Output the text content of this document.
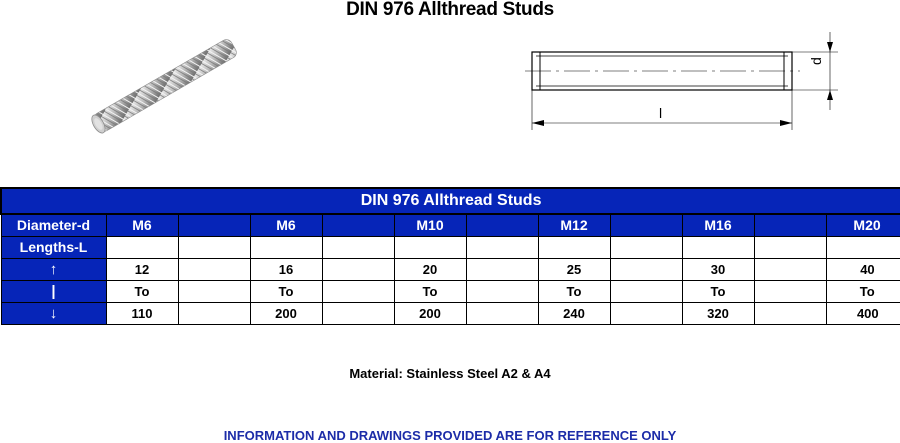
DIN 976 Allthread Studs
d
l
DIN 976 Allthread Studs											
Diameter-d	M6		M6		M10		M12		M16		M20
Lengths-L											
↑	12		16		20		25		30		40
|	To		To		To		To		To		To
↓	110		200		200		240		320		400
Material: Stainless Steel A2 & A4
INFORMATION AND DRAWINGS PROVIDED ARE FOR REFERENCE ONLY
